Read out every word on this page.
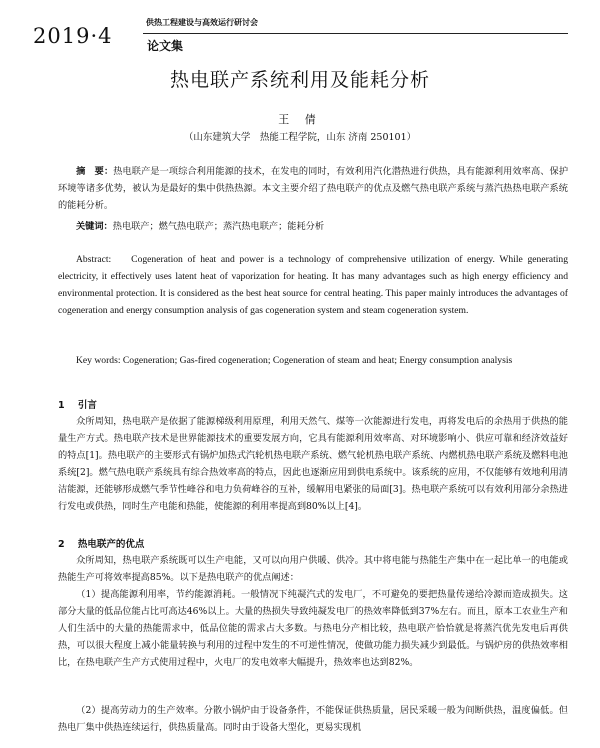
2019·4
供热工程建设与高效运行研讨会
论文集
热电联产系统利用及能耗分析
王 倩
（山东建筑大学　热能工程学院，山东 济南 250101）

摘　要：热电联产是一项综合利用能源的技术，在发电的同时，有效利用汽化潜热进行供热，具有能源利用效率高、保护环境等诸多优势，被认为是最好的集中供热热源。本文主要介绍了热电联产的优点及燃气热电联产系统与蒸汽热热电联产系统的能耗分析。

关键词：热电联产；燃气热电联产；蒸汽热电联产；能耗分析

Abstract: Cogeneration of heat and power is a technology of comprehensive utilization of energy. While generating electricity, it effectively uses latent heat of vaporization for heating. It has many advantages such as high energy efficiency and environmental protection. It is considered as the best heat source for central heating. This paper mainly introduces the advantages of cogeneration and energy consumption analysis of gas cogeneration system and steam cogeneration system.

Key words: Cogeneration; Gas-fired cogeneration; Cogeneration of steam and heat; Energy consumption analysis

1 引言

众所周知，热电联产是依据了能源梯级利用原理，利用天然气、煤等一次能源进行发电，再将发电后的余热用于供热的能量生产方式。热电联产技术是世界能源技术的重要发展方向，它具有能源利用效率高、对环境影响小、供应可靠和经济效益好的特点[1]。热电联产的主要形式有锅炉加热式汽轮机热电联产系统、燃气轮机热电联产系统、内燃机热电联产系统及燃料电池系统[2]。燃气热电联产系统具有综合热效率高的特点，因此也逐渐应用到供电系统中。该系统的应用，不仅能够有效地利用清洁能源，还能够形成燃气季节性峰谷和电力负荷峰谷的互补，缓解用电紧张的局面[3]。热电联产系统可以有效利用部分余热进行发电或供热，同时生产电能和热能，使能源的利用率提高到80%以上[4]。

2 热电联产的优点

众所周知，热电联产系统既可以生产电能，又可以向用户供暖、供冷。其中将电能与热能生产集中在一起比单一的电能或热能生产可将效率提高85%。以下是热电联产的优点阐述：

（1）提高能源利用率，节约能源消耗。一般情况下纯凝汽式的发电厂，不可避免的要把热量传递给冷源而造成损失。这部分大量的低品位能占比可高达46%以上。大量的热损失导致纯凝发电厂的热效率降低到37%左右。而且，原本工农业生产和人们生活中的大量的热能需求中，低品位能的需求占大多数。与热电分产相比较，热电联产恰恰就是将蒸汽优先发电后再供热，可以很大程度上减小能量转换与利用的过程中发生的不可逆性情况，使做功能力损失减少到最低。与锅炉房的供热效率相比，在热电联产生产方式使用过程中，火电厂的发电效率大幅提升，热效率也达到82%。

（2）提高劳动力的生产效率。分散小锅炉由于设备条件，不能保证供热质量，居民采暖一般为间断供热，温度偏低。但热电厂集中供热连续运行，供热质量高。同时由于设备大型化，更易实现机
